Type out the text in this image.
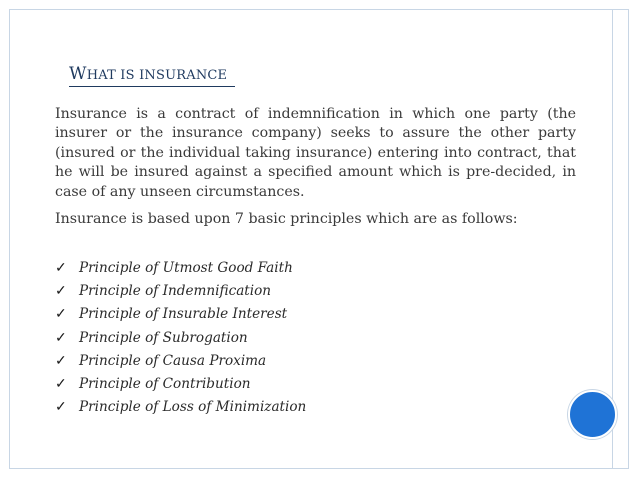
WHAT IS INSURANCE
Insurance is a contract of indemnification in which one party (the insurer or the insurance company) seeks to assure the other party (insured or the individual taking insurance) entering into contract, that he will be insured against a specified amount which is pre-decided, in case of any unseen circumstances.
Insurance is based upon 7 basic principles which are as follows:
✓ Principle of Utmost Good Faith
✓ Principle of Indemnification
✓ Principle of Insurable Interest
✓ Principle of Subrogation
✓ Principle of Causa Proxima
✓ Principle of Contribution
✓ Principle of Loss of Minimization
